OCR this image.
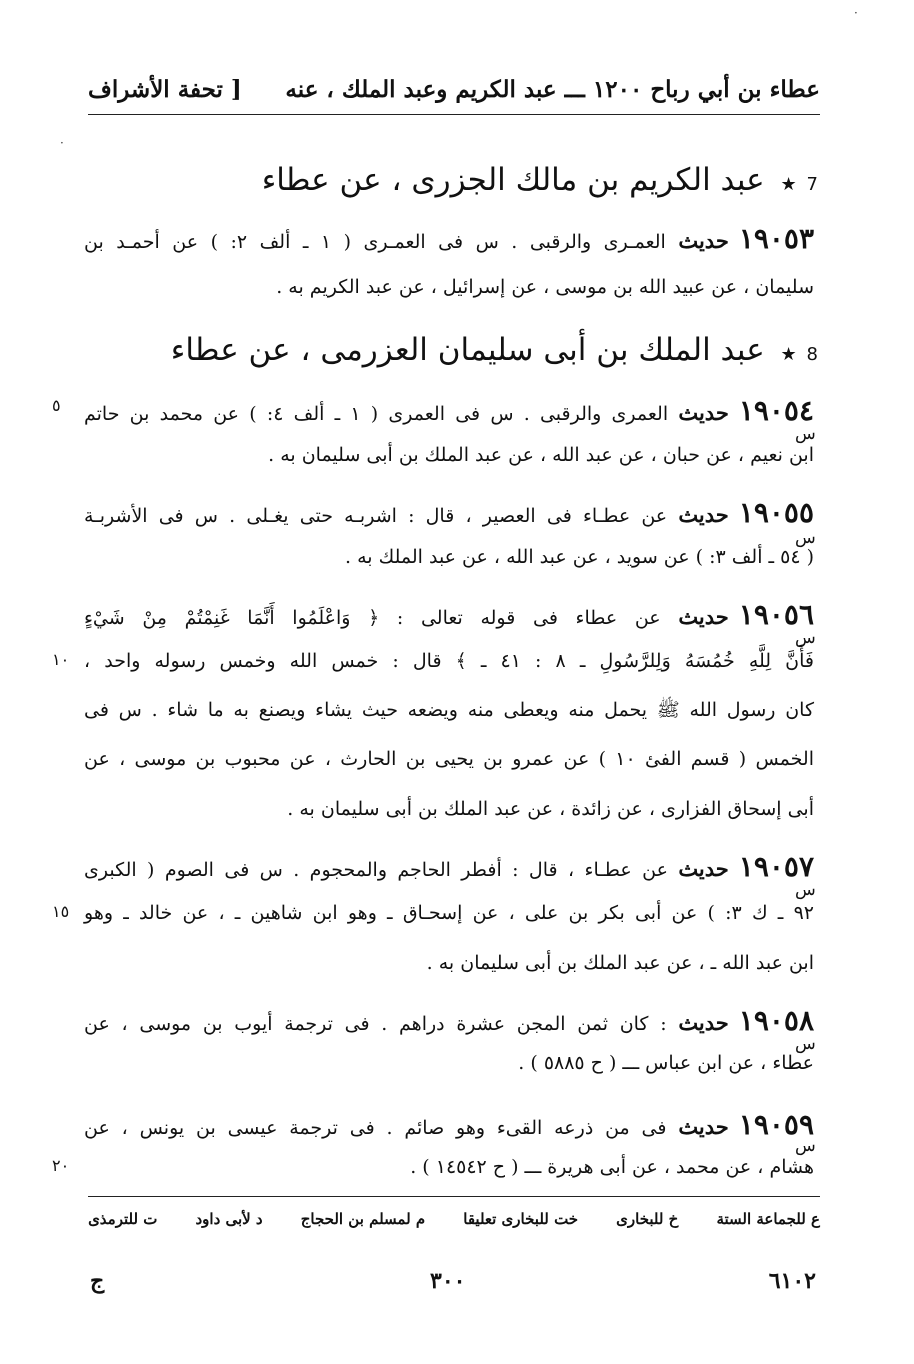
عطاء بن أبي رباح ١٢٠٠ ـــ عبد الكريم وعبد الملك ، عنه
[ تحفة الأشراف
7 ★ عبد الكريم بن مالك الجزرى ، عن عطاء
١٩٠٥٣حديث العمـرى والرقبى . س فى العمـرى ( ١ ـ ألف ٢: ) عن أحمـد بن
سليمان ، عن عبيد الله بن موسى ، عن إسرائيل ، عن عبد الكريم به .
8 ★ عبد الملك بن أبى سليمان العزرمى ، عن عطاء
١٩٠٥٤حديث العمرى والرقبى . س فى العمرى ( ١ ـ ألف ٤: ) عن محمد بن حاتم
س
ابن نعيم ، عن حبان ، عن عبد الله ، عن عبد الملك بن أبى سليمان به .
١٩٠٥٥حديث عن عطـاء فى العصير ، قال : اشربـه حتى يغـلى . س فى الأشربـة
س
( ٥٤ ـ ألف ٣: ) عن سويد ، عن عبد الله ، عن عبد الملك به .
١٩٠٥٦حديث عن عطاء فى قوله تعالى : ﴿ وَاعْلَمُوا أَنَّمَا غَنِمْتُمْ مِنْ شَيْءٍ
س
فَأَنَّ لِلَّهِ خُمُسَهُ وَلِلرَّسُولِ ـ ٨ : ٤١ ـ ﴾ قال : خمس الله وخمس رسوله واحد ،
كان رسول الله ﷺ يحمل منه ويعطى منه ويضعه حيث يشاء ويصنع به ما شاء . س فى
الخمس ( قسم الفئ ١٠ ) عن عمرو بن يحيى بن الحارث ، عن محبوب بن موسى ، عن
أبى إسحاق الفزارى ، عن زائدة ، عن عبد الملك بن أبى سليمان به .
١٩٠٥٧حديث عن عطـاء ، قال : أفطر الحاجم والمحجوم . س فى الصوم ( الكبرى
س
٩٢ ـ ك ٣: ) عن أبى بكر بن على ، عن إسحـاق ـ وهو ابن شاهين ـ ، عن خالد ـ وهو
ابن عبد الله ـ ، عن عبد الملك بن أبى سليمان به .
١٩٠٥٨حديث : كان ثمن المجن عشرة دراهم . فى ترجمة أيوب بن موسى ، عن
س
عطاء ، عن ابن عباس ـــ ( ح ٥٨٨٥ ) .
١٩٠٥٩حديث فى من ذرعه القىء وهو صائم . فى ترجمة عيسى بن يونس ، عن
س
هشام ، عن محمد ، عن أبى هريرة ـــ ( ح ١٤٥٤٢ ) .
٥
١٠
١٥
٢٠
ع للجماعة الستة
خ للبخارى
خت للبخارى تعليقا
م لمسلم بن الحجاج
د لأبى داود
ت للترمذى
٦١٠٢
٣٠٠
ج
·
·
